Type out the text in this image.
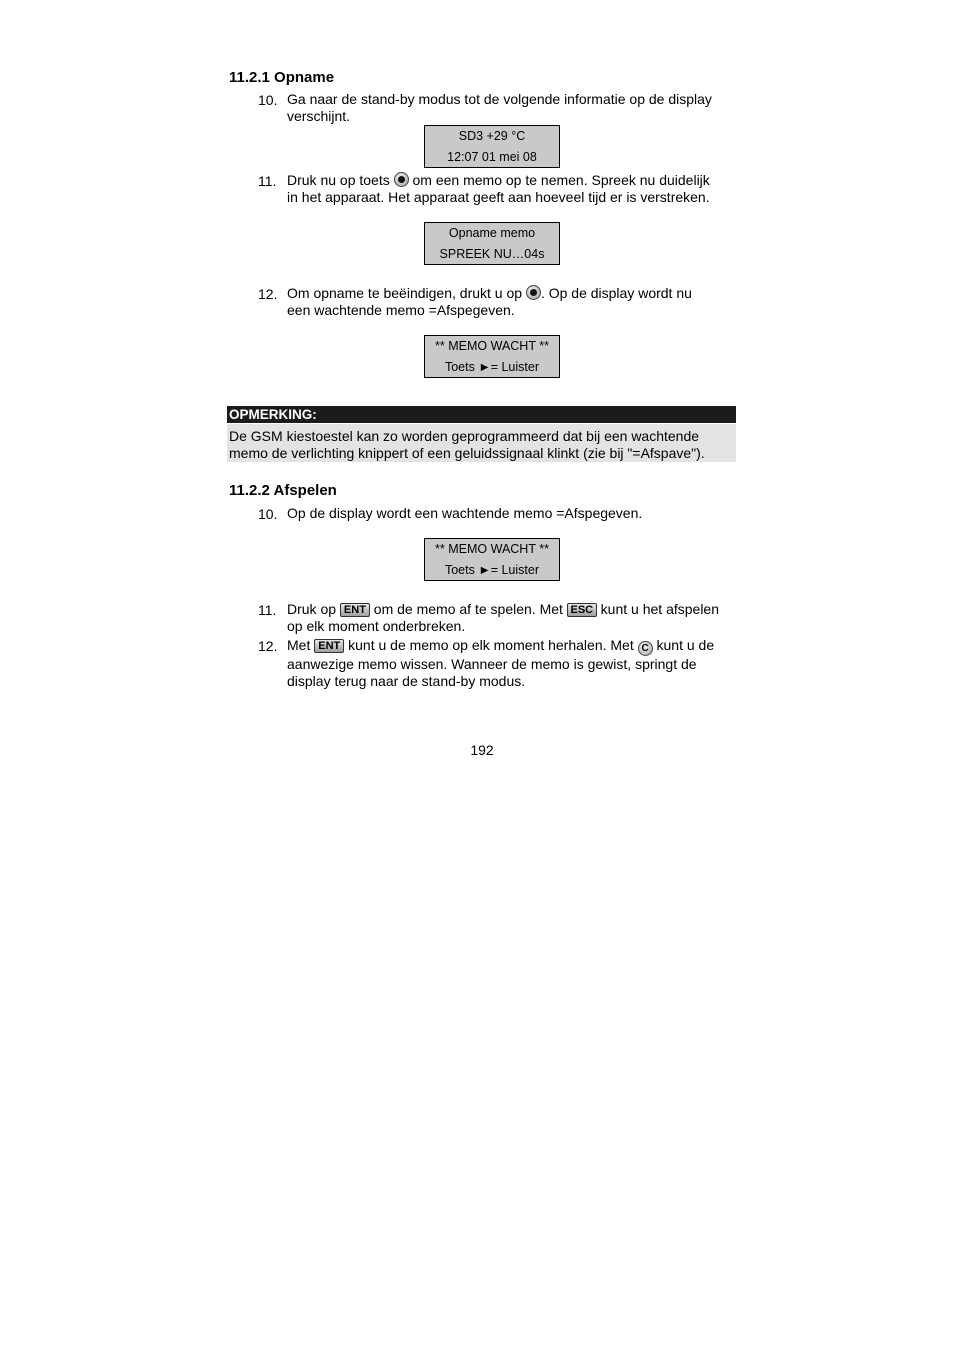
11.2.1 Opname
10. Ga naar de stand-by modus tot de volgende informatie op de display
verschijnt.
SD3 +29 °C
12:07 01 mei 08
11. Druk nu op toets
om een memo op te nemen. Spreek nu duidelijk
in het apparaat. Het apparaat geeft aan hoeveel tijd er is verstreken.
Opname memo
SPREEK NU…04s
12. Om opname te beëindigen, drukt u op
. Op de display wordt nu
een wachtende memo =Afspegeven.
** MEMO WACHT **
Toets ►= Luister
OPMERKING:
De GSM kiestoestel kan zo worden geprogrammeerd dat bij een wachtende
memo de verlichting knippert of een geluidssignaal klinkt (zie bij "=Afspave").
11.2.2 Afspelen
10. Op de display wordt een wachtende memo =Afspegeven.
** MEMO WACHT **
Toets ►= Luister
11. Druk op ENT om de memo af te spelen. Met ESC kunt u het afspelen
op elk moment onderbreken.
12. Met ENT kunt u de memo op elk moment herhalen. Met C kunt u de
aanwezige memo wissen. Wanneer de memo is gewist, springt de
display terug naar de stand-by modus.
192
